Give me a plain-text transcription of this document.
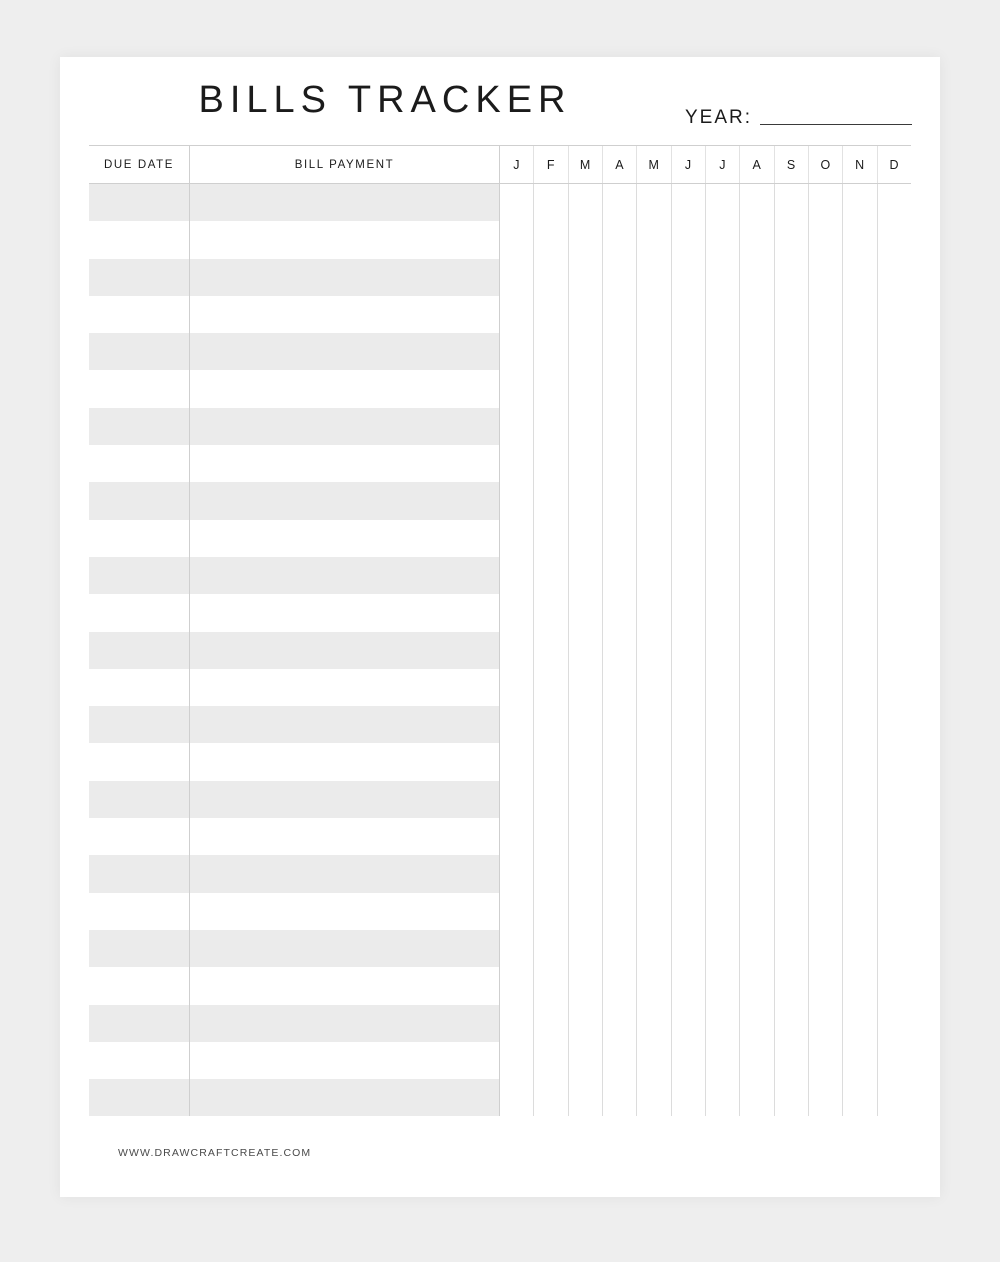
BILLS TRACKER	YEAR:
DUE DATE	BILL PAYMENT	J	F	M	A	M	J	J	A	S	O	N	D
WWW.DRAWCRAFTCREATE.COM
